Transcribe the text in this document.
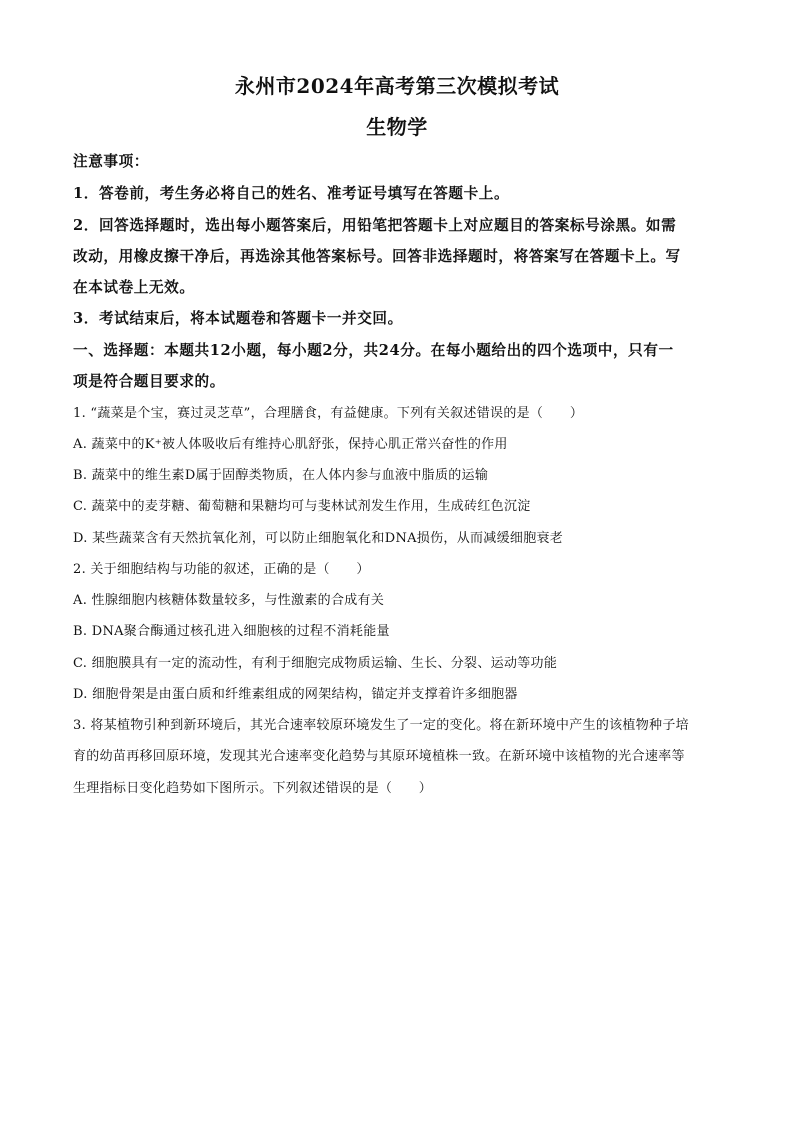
永州市2024年高考第三次模拟考试
生物学
注意事项：
1．答卷前，考生务必将自己的姓名、准考证号填写在答题卡上。
2．回答选择题时，选出每小题答案后，用铅笔把答题卡上对应题目的答案标号涂黑。如需
改动，用橡皮擦干净后，再选涂其他答案标号。回答非选择题时，将答案写在答题卡上。写
在本试卷上无效。
3．考试结束后，将本试题卷和答题卡一并交回。
一、选择题：本题共12小题，每小题2分，共24分。在每小题给出的四个选项中，只有一
项是符合题目要求的。
1. “蔬菜是个宝，赛过灵芝草”，合理膳食，有益健康。下列有关叙述错误的是（　　）
A. 蔬菜中的K⁺被人体吸收后有维持心肌舒张，保持心肌正常兴奋性的作用
B. 蔬菜中的维生素D属于固醇类物质，在人体内参与血液中脂质的运输
C. 蔬菜中的麦芽糖、葡萄糖和果糖均可与斐林试剂发生作用，生成砖红色沉淀
D. 某些蔬菜含有天然抗氧化剂，可以防止细胞氧化和DNA损伤，从而减缓细胞衰老
2. 关于细胞结构与功能的叙述，正确的是（　　）
A. 性腺细胞内核糖体数量较多，与性激素的合成有关
B. DNA聚合酶通过核孔进入细胞核的过程不消耗能量
C. 细胞膜具有一定的流动性，有利于细胞完成物质运输、生长、分裂、运动等功能
D. 细胞骨架是由蛋白质和纤维素组成的网架结构，锚定并支撑着许多细胞器
3. 将某植物引种到新环境后，其光合速率较原环境发生了一定的变化。将在新环境中产生的该植物种子培
育的幼苗再移回原环境，发现其光合速率变化趋势与其原环境植株一致。在新环境中该植物的光合速率等
生理指标日变化趋势如下图所示。下列叙述错误的是（　　）
